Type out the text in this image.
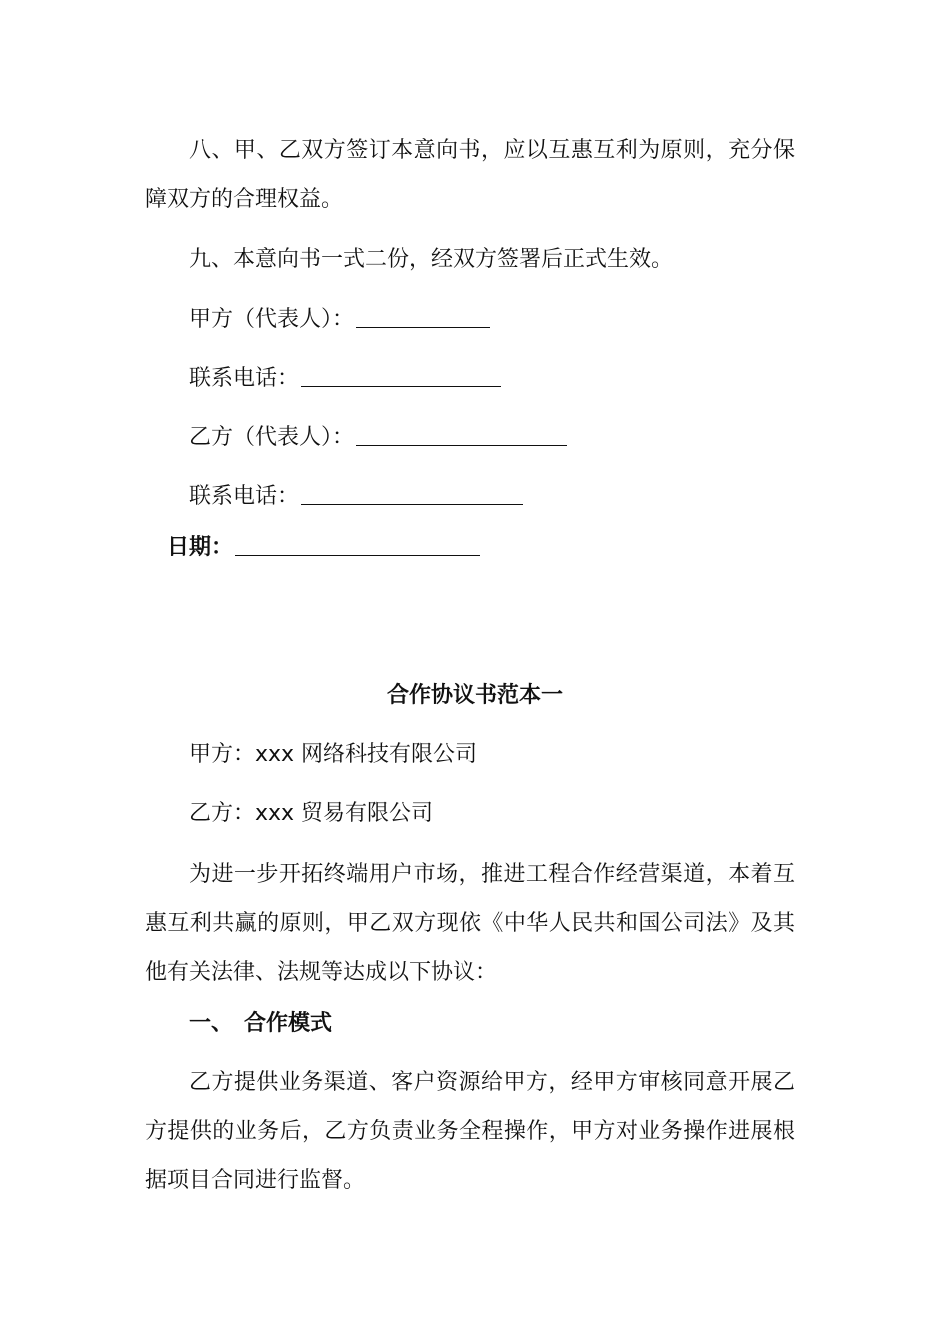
八、甲、乙双方签订本意向书，应以互惠互利为原则，充分保障双方的合理权益。

九、本意向书一式二份，经双方签署后正式生效。

甲方（代表人）：
联系电话：
乙方（代表人）：
联系电话：
日期：
合作协议书范本一
甲方：xxx 网络科技有限公司
乙方：xxx 贸易有限公司

为进一步开拓终端用户市场，推进工程合作经营渠道，本着互惠互利共赢的原则，甲乙双方现依《中华人民共和国公司法》及其他有关法律、法规等达成以下协议：

一、　合作模式

乙方提供业务渠道、客户资源给甲方，经甲方审核同意开展乙方提供的业务后，乙方负责业务全程操作，甲方对业务操作进展根据项目合同进行监督。
